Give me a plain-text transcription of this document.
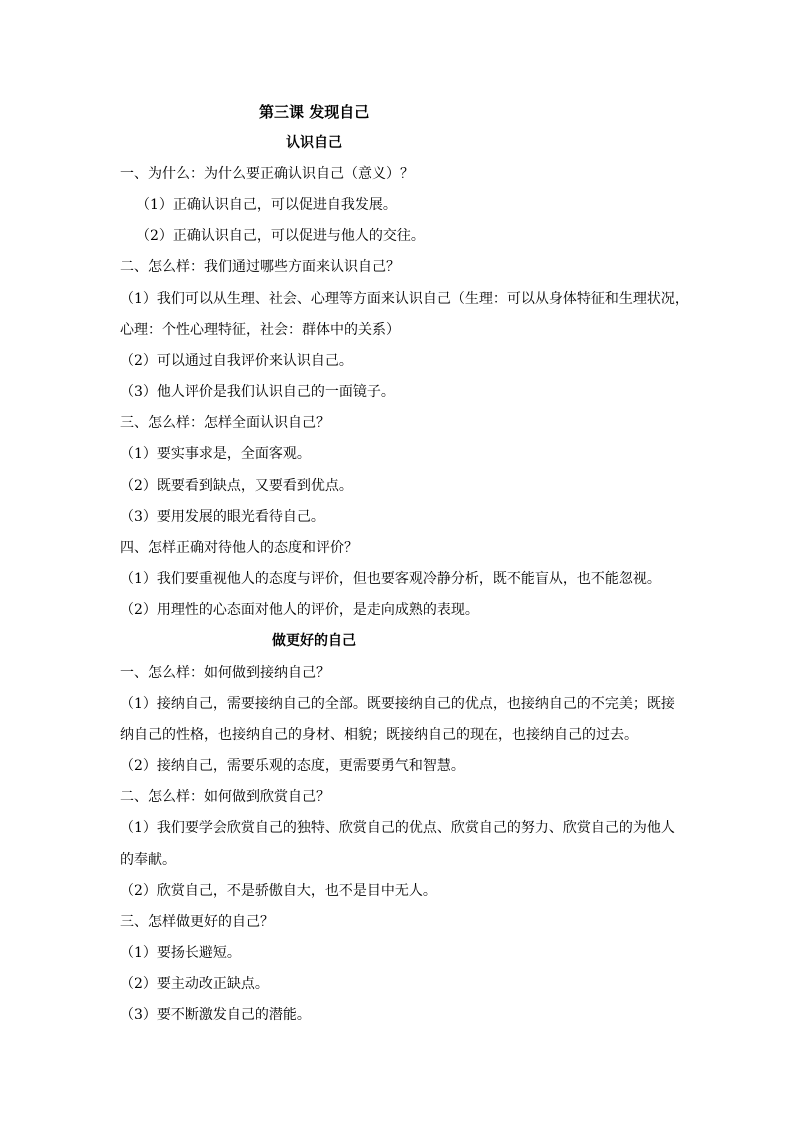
第三课 发现自己
认识自己
一、为什么：为什么要正确认识自己（意义）？
（1）正确认识自己，可以促进自我发展。
（2）正确认识自己，可以促进与他人的交往。
二、怎么样：我们通过哪些方面来认识自己？
（1）我们可以从生理、社会、心理等方面来认识自己（生理：可以从身体特征和生理状况，
心理：个性心理特征，社会：群体中的关系）
（2）可以通过自我评价来认识自己。
（3）他人评价是我们认识自己的一面镜子。
三、怎么样：怎样全面认识自己？
（1）要实事求是，全面客观。
（2）既要看到缺点，又要看到优点。
（3）要用发展的眼光看待自己。
四、怎样正确对待他人的态度和评价？
（1）我们要重视他人的态度与评价，但也要客观冷静分析，既不能盲从，也不能忽视。
（2）用理性的心态面对他人的评价，是走向成熟的表现。
做更好的自己
一、怎么样：如何做到接纳自己？
（1）接纳自己，需要接纳自己的全部。既要接纳自己的优点，也接纳自己的不完美；既接
纳自己的性格，也接纳自己的身材、相貌；既接纳自己的现在，也接纳自己的过去。
（2）接纳自己，需要乐观的态度，更需要勇气和智慧。
二、怎么样：如何做到欣赏自己？
（1）我们要学会欣赏自己的独特、欣赏自己的优点、欣赏自己的努力、欣赏自己的为他人
的奉献。
（2）欣赏自己，不是骄傲自大，也不是目中无人。
三、怎样做更好的自己？
（1）要扬长避短。
（2）要主动改正缺点。
（3）要不断激发自己的潜能。
